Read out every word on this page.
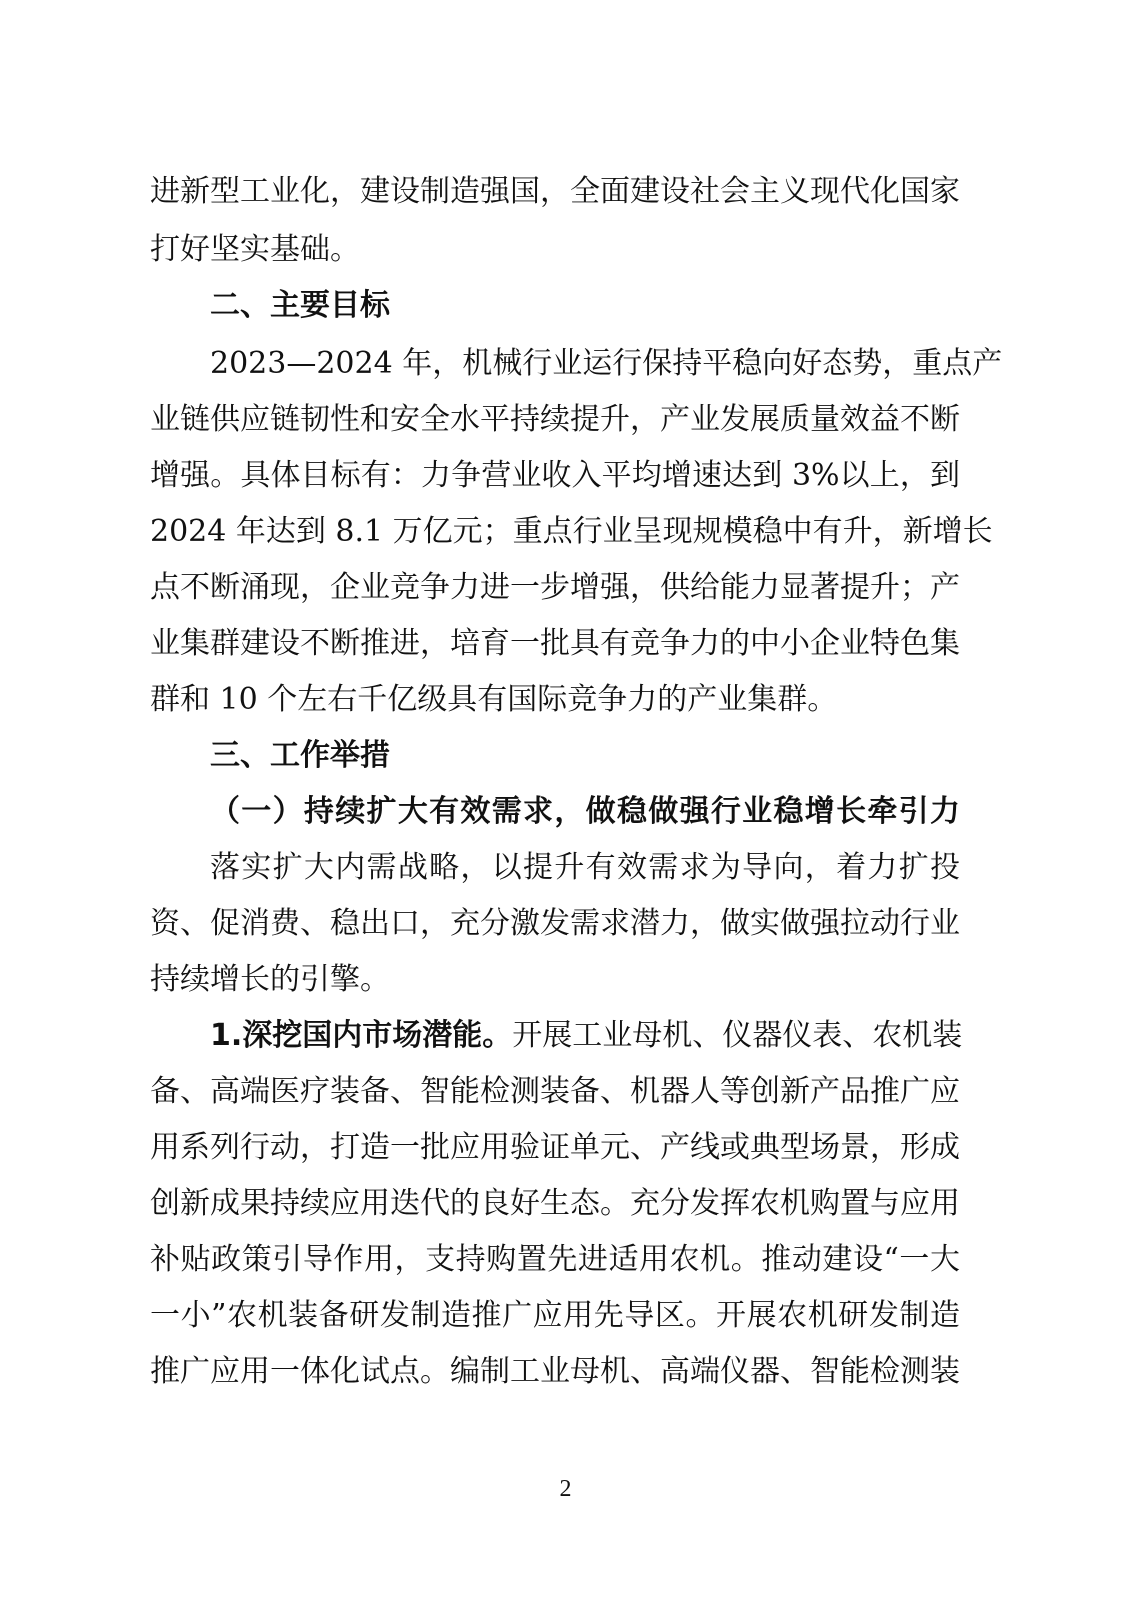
进新型工业化，建设制造强国，全面建设社会主义现代化国家
打好坚实基础。
二、主要目标
2023—2024 年，机械行业运行保持平稳向好态势，重点产
业链供应链韧性和安全水平持续提升，产业发展质量效益不断
增强。具体目标有：力争营业收入平均增速达到 3%以上，到
2024 年达到 8.1 万亿元；重点行业呈现规模稳中有升，新增长
点不断涌现，企业竞争力进一步增强，供给能力显著提升；产
业集群建设不断推进，培育一批具有竞争力的中小企业特色集
群和 10 个左右千亿级具有国际竞争力的产业集群。
三、工作举措
（一）持续扩大有效需求，做稳做强行业稳增长牵引力
落实扩大内需战略，以提升有效需求为导向，着力扩投
资、促消费、稳出口，充分激发需求潜力，做实做强拉动行业
持续增长的引擎。
1.深挖国内市场潜能。开展工业母机、仪器仪表、农机装
备、高端医疗装备、智能检测装备、机器人等创新产品推广应
用系列行动，打造一批应用验证单元、产线或典型场景，形成
创新成果持续应用迭代的良好生态。充分发挥农机购置与应用
补贴政策引导作用，支持购置先进适用农机。推动建设“一大
一小”农机装备研发制造推广应用先导区。开展农机研发制造
推广应用一体化试点。编制工业母机、高端仪器、智能检测装
2
